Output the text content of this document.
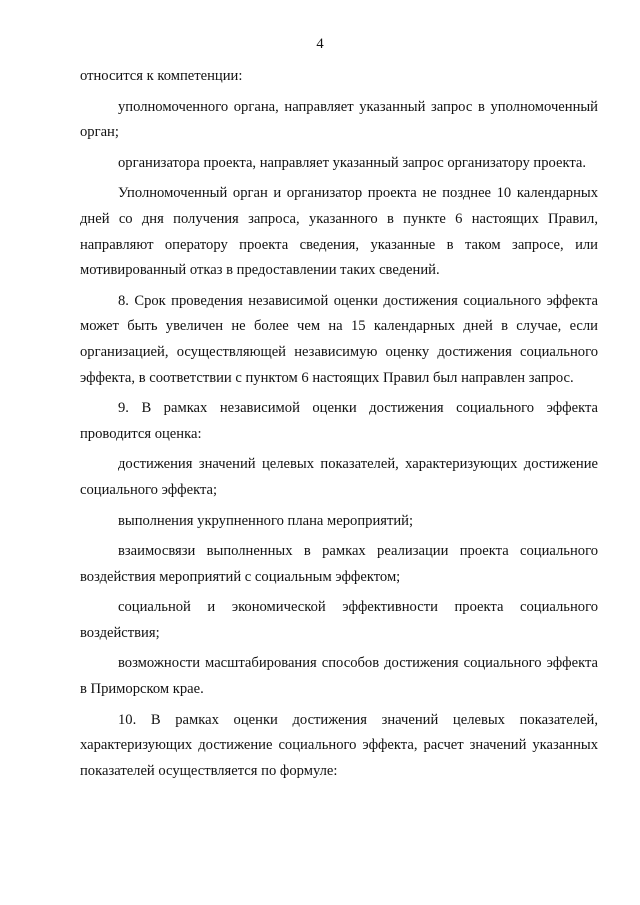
4

относится к компетенции:

уполномоченного органа, направляет указанный запрос в уполномоченный орган;

организатора проекта, направляет указанный запрос организатору проекта.

Уполномоченный орган и организатор проекта не позднее 10 календарных дней со дня получения запроса, указанного в пункте 6 настоящих Правил, направляют оператору проекта сведения, указанные в таком запросе, или мотивированный отказ в предоставлении таких сведений.

8. Срок проведения независимой оценки достижения социального эффекта может быть увеличен не более чем на 15 календарных дней в случае, если организацией, осуществляющей независимую оценку достижения социального эффекта, в соответствии с пунктом 6 настоящих Правил был направлен запрос.

9. В рамках независимой оценки достижения социального эффекта проводится оценка:

достижения значений целевых показателей, характеризующих достижение социального эффекта;

выполнения укрупненного плана мероприятий;

взаимосвязи выполненных в рамках реализации проекта социального воздействия мероприятий с социальным эффектом;

социальной и экономической эффективности проекта социального воздействия;

возможности масштабирования способов достижения социального эффекта в Приморском крае.

10. В рамках оценки достижения значений целевых показателей, характеризующих достижение социального эффекта, расчет значений указанных показателей осуществляется по формуле:
